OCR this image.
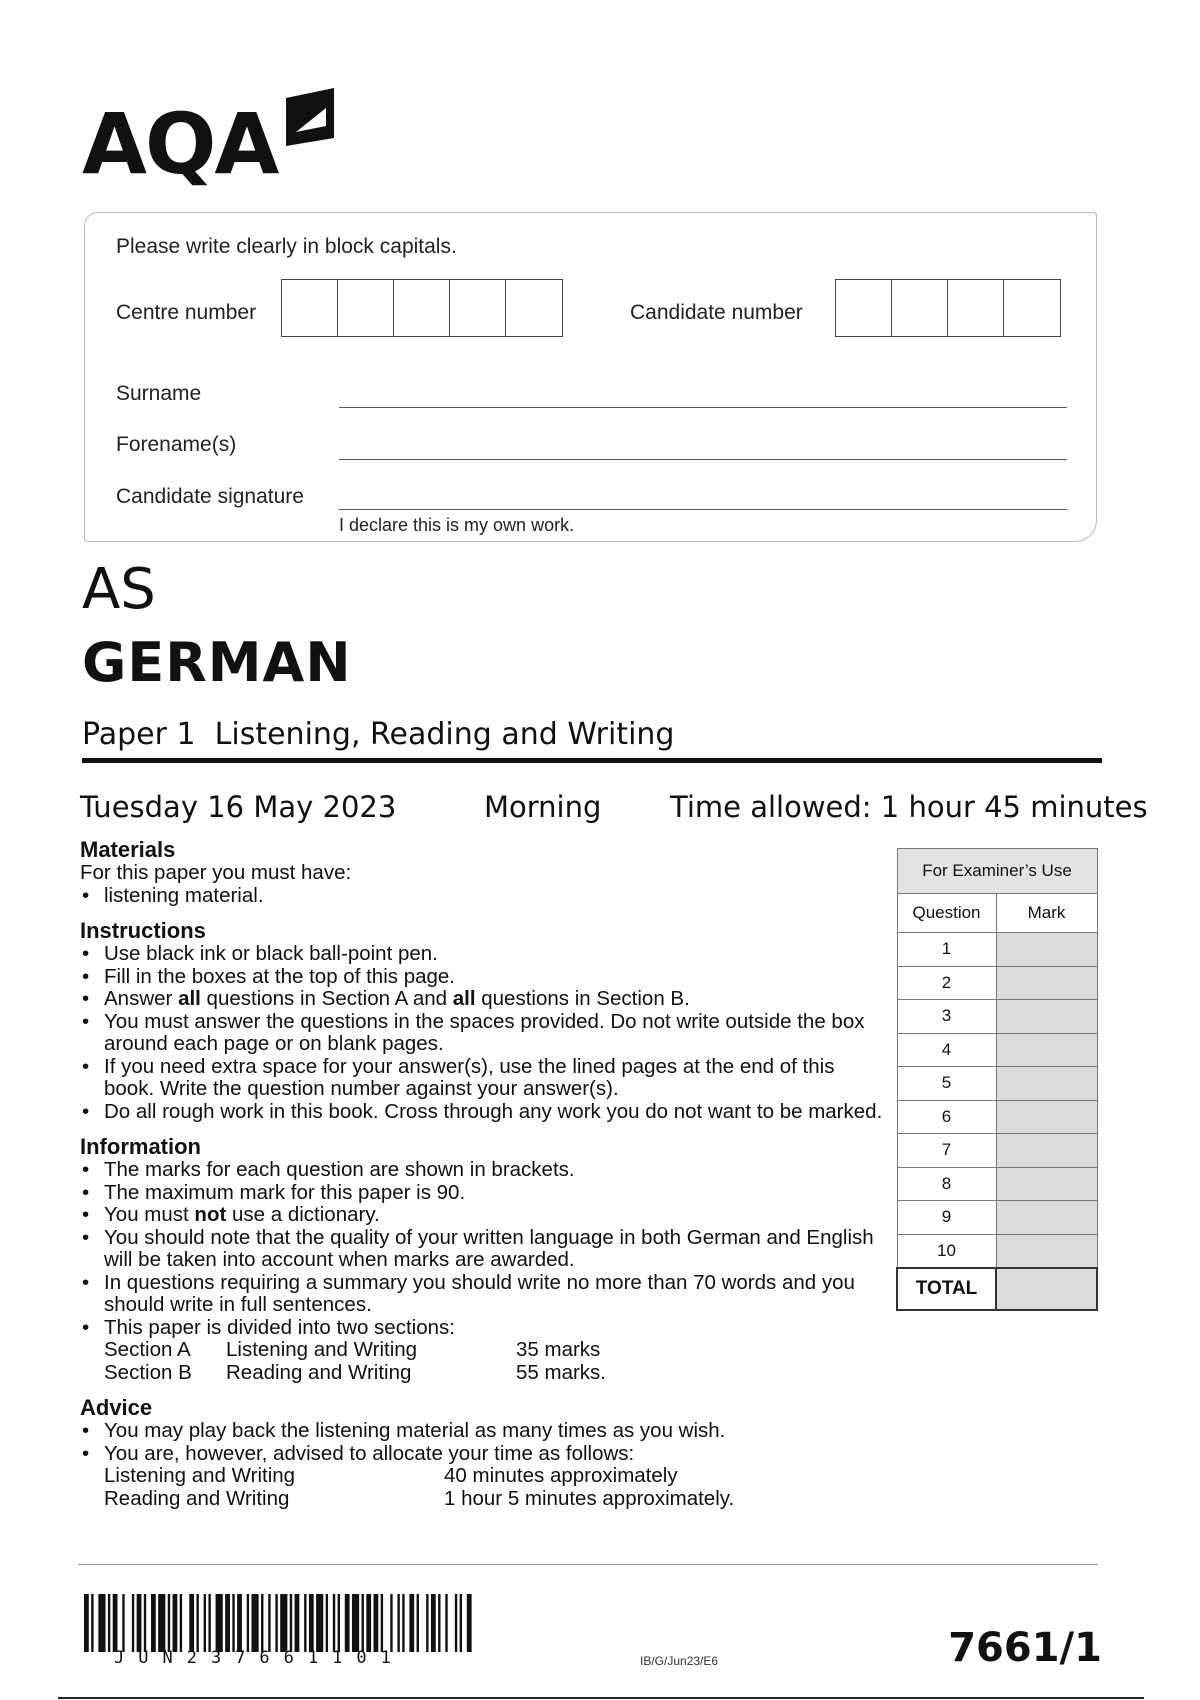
AQA
Please write clearly in block capitals.
Centre number	Candidate number
Surname
Forename(s)
Candidate signature
I declare this is my own work.
AS
GERMAN
Paper 1  Listening, Reading and Writing
Tuesday 16 May 2023	Morning Time allowed: 1 hour 45 minutes

Materials

For this paper you must have:

• listening material.

Instructions

• Use black ink or black ball-point pen.
• Fill in the boxes at the top of this page.
• Answer all questions in Section A and all questions in Section B.
• You must answer the questions in the spaces provided. Do not write outside the box around each page or on blank pages.
• If you need extra space for your answer(s), use the lined pages at the end of this book. Write the question number against your answer(s).
• Do all rough work in this book. Cross through any work you do not want to be marked.

Information

• The marks for each question are shown in brackets.
• The maximum mark for this paper is 90.
• You must not use a dictionary.
• You should note that the quality of your written language in both German and English will be taken into account when marks are awarded.
• In questions requiring a summary you should write no more than 70 words and you should write in full sentences.
• This paper is divided into two sections:
Section A	Listening and Writing	35 marks
Section B	Reading and Writing	55 marks.

Advice

• You may play back the listening material as many times as you wish.
• You are, however, advised to allocate your time as follows:
Listening and Writing	40 minutes approximately
Reading and Writing	1 hour 5 minutes approximately.
For Examiner’s Use	
Question	Mark
1	
2	
3	
4	
5	
6	
7	
8	
9	
10	
TOTAL	
JUN237661101	IB/G/Jun23/E6	7661/1
